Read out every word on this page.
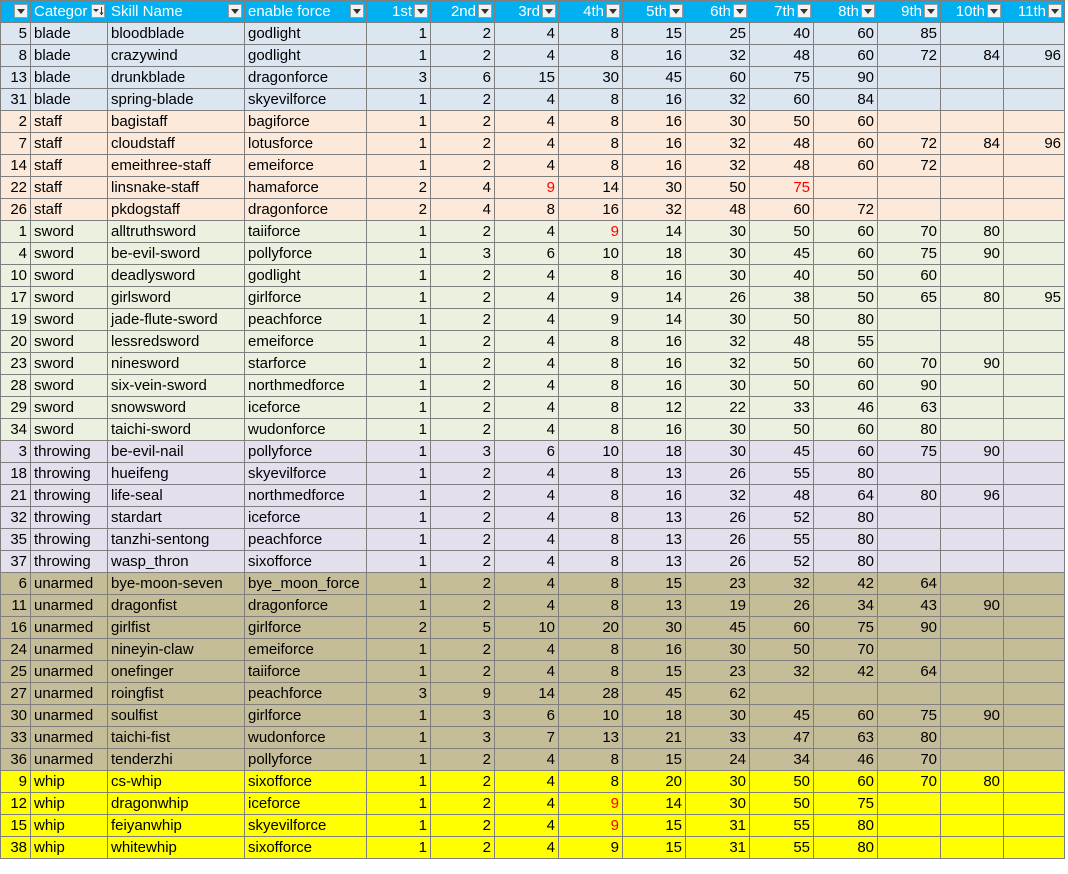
	Categor	Skill Name	enable force	1st	2nd	3rd	4th	5th	6th	7th	8th	9th	10th	11th

5	blade	bloodblade	godlight	1	2	4	8	15	25	40	60	85		
8	blade	crazywind	godlight	1	2	4	8	16	32	48	60	72	84	96
13	blade	drunkblade	dragonforce	3	6	15	30	45	60	75	90			
31	blade	spring-blade	skyevilforce	1	2	4	8	16	32	60	84			
2	staff	bagistaff	bagiforce	1	2	4	8	16	30	50	60			
7	staff	cloudstaff	lotusforce	1	2	4	8	16	32	48	60	72	84	96
14	staff	emeithree-staff	emeiforce	1	2	4	8	16	32	48	60	72		
22	staff	linsnake-staff	hamaforce	2	4	9	14	30	50	75				
26	staff	pkdogstaff	dragonforce	2	4	8	16	32	48	60	72			
1	sword	alltruthsword	taiiforce	1	2	4	9	14	30	50	60	70	80	
4	sword	be-evil-sword	pollyforce	1	3	6	10	18	30	45	60	75	90	
10	sword	deadlysword	godlight	1	2	4	8	16	30	40	50	60		
17	sword	girlsword	girlforce	1	2	4	9	14	26	38	50	65	80	95
19	sword	jade-flute-sword	peachforce	1	2	4	9	14	30	50	80			
20	sword	lessredsword	emeiforce	1	2	4	8	16	32	48	55			
23	sword	ninesword	starforce	1	2	4	8	16	32	50	60	70	90	
28	sword	six-vein-sword	northmedforce	1	2	4	8	16	30	50	60	90		
29	sword	snowsword	iceforce	1	2	4	8	12	22	33	46	63		
34	sword	taichi-sword	wudonforce	1	2	4	8	16	30	50	60	80		
3	throwing	be-evil-nail	pollyforce	1	3	6	10	18	30	45	60	75	90	
18	throwing	hueifeng	skyevilforce	1	2	4	8	13	26	55	80			
21	throwing	life-seal	northmedforce	1	2	4	8	16	32	48	64	80	96	
32	throwing	stardart	iceforce	1	2	4	8	13	26	52	80			
35	throwing	tanzhi-sentong	peachforce	1	2	4	8	13	26	55	80			
37	throwing	wasp_thron	sixofforce	1	2	4	8	13	26	52	80			
6	unarmed	bye-moon-seven	bye_moon_force	1	2	4	8	15	23	32	42	64		
11	unarmed	dragonfist	dragonforce	1	2	4	8	13	19	26	34	43	90	
16	unarmed	girlfist	girlforce	2	5	10	20	30	45	60	75	90		
24	unarmed	nineyin-claw	emeiforce	1	2	4	8	16	30	50	70			
25	unarmed	onefinger	taiiforce	1	2	4	8	15	23	32	42	64		
27	unarmed	roingfist	peachforce	3	9	14	28	45	62					
30	unarmed	soulfist	girlforce	1	3	6	10	18	30	45	60	75	90	
33	unarmed	taichi-fist	wudonforce	1	3	7	13	21	33	47	63	80		
36	unarmed	tenderzhi	pollyforce	1	2	4	8	15	24	34	46	70		
9	whip	cs-whip	sixofforce	1	2	4	8	20	30	50	60	70	80	
12	whip	dragonwhip	iceforce	1	2	4	9	14	30	50	75			
15	whip	feiyanwhip	skyevilforce	1	2	4	9	15	31	55	80			
38	whip	whitewhip	sixofforce	1	2	4	9	15	31	55	80			
